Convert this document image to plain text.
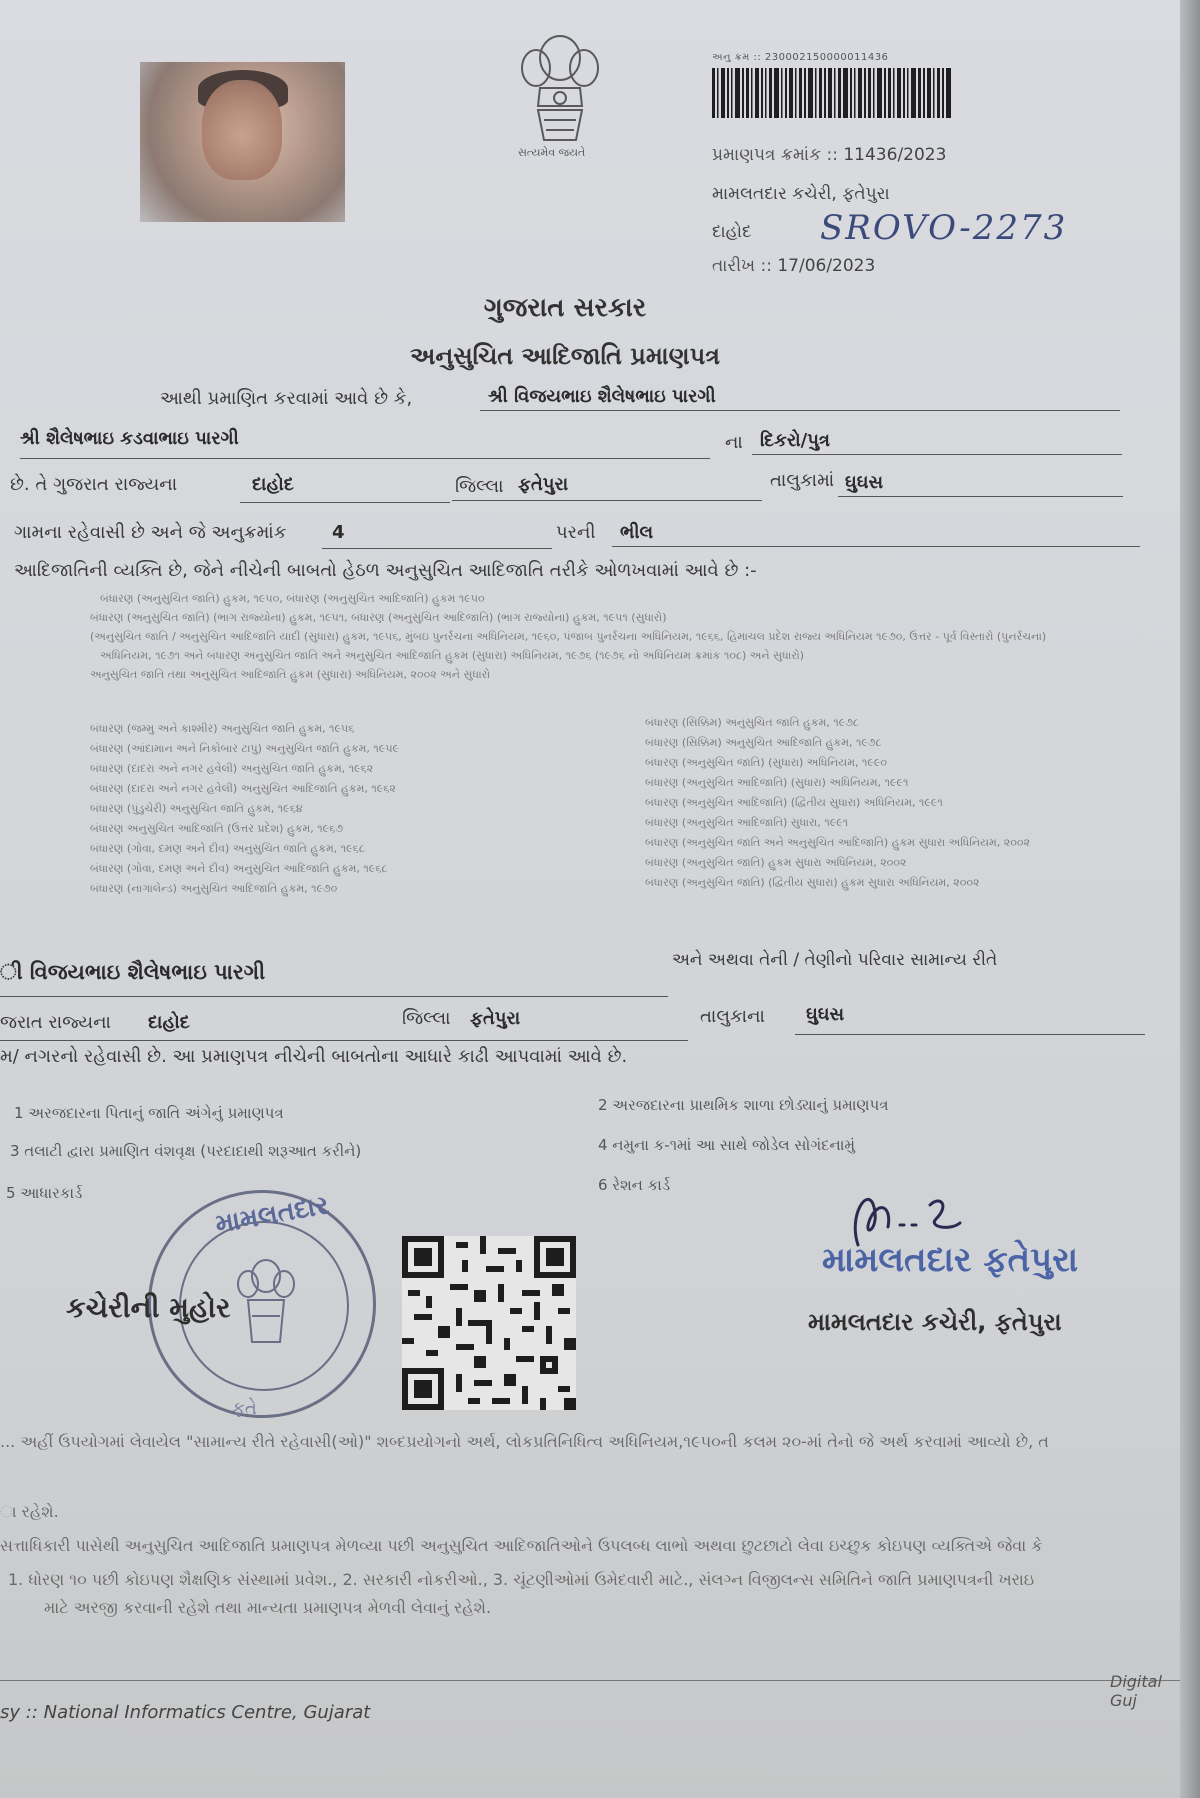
સત્યમેવ જયતે
અનુ ક્રમ :: 230002150000011436
પ્રમાણપત્ર ક્રમાંક :: 11436/2023
મામલતદાર કચેરી, ફતેપુરા
દાહોદ SROVO-2273
તારીખ :: 17/06/2023
ગુજરાત સરકાર
અનુસુચિત આદિજાતિ પ્રમાણપત્ર
આથી પ્રમાણિત કરવામાં આવે છે કે,	શ્રી વિજયભાઇ શૈલેષભાઇ પારગી
શ્રી શૈલેષભાઇ કડવાભાઇ પારગી	ના દિકરો/પુત્ર
છે. તે ગુજરાત રાજ્યના	દાહોદ	જિલ્લા ફતેપુરા	તાલુકામાં ઘુઘસ
ગામના રહેવાસી છે અને જે અનુક્રમાંક	4	પરની ભીલ
આદિજાતિની વ્યક્તિ છે, જેને નીચેની બાબતો હેઠળ અનુસુચિત આદિજાતિ તરીકે ઓળખવામાં આવે છે :-
બંધારણ (અનુસુચિત જાતિ) હુકમ, ૧૯૫૦, બંધારણ (અનુસુચિત આદિજાતિ) હુકમ ૧૯૫૦
બંધારણ (અનુસુચિત જાતિ) (ભાગ રાજ્યોના) હુકમ, ૧૯૫૧, બંધારણ (અનુસુચિત આદિજાતિ) (ભાગ રાજ્યોના) હુકમ, ૧૯૫૧ (સુધારો)
(અનુસુચિત જાતિ / અનુસુચિત આદિજાતિ યાદી (સુધારા) હુકમ, ૧૯૫૬, મુંબઇ પુનર્રચના અધિનિયમ, ૧૯૬૦, પંજાબ પુનર્રચના અધિનિયમ, ૧૯૬૬, હિમાચલ પ્રદેશ રાજ્ય અધિનિયમ ૧૯૭૦, ઉત્તર - પૂર્વ વિસ્તારો (પુનર્રચના)
અધિનિયમ, ૧૯૭૧ અને બંધારણ અનુસુચિત જાતિ અને અનુસુચિત આદિજાતિ હુકમ (સુધારા) અધિનિયમ, ૧૯૭૬ (૧૯૭૬ નો અધિનિયમ ક્રમાંક ૧૦૮) અને સુધારો)
અનુસુચિત જાતિ તથા અનુસુચિત આદિજાતિ હુકમ (સુધારા) અધિનિયમ, ૨૦૦૨ અને સુધારો
બંધારણ (જમ્મુ અને કાશ્મીર) અનુસુચિત જાતિ હુકમ, ૧૯૫૬
બંધારણ (આંદામાન અને નિકોબાર ટાપુ) અનુસુચિત જાતિ હુકમ, ૧૯૫૯
બંધારણ (દાદરા અને નગર હવેલી) અનુસુચિત જાતિ હુકમ, ૧૯૬૨
બંધારણ (દાદરા અને નગર હવેલી) અનુસુચિત આદિજાતિ હુકમ, ૧૯૬૨
બંધારણ (પુંડુચેરી) અનુસુચિત જાતિ હુકમ, ૧૯૬૪
બંધારણ અનુસુચિત આદિજાતિ (ઉત્તર પ્રદેશ) હુકમ, ૧૯૬૭
બંધારણ (ગોવા, દમણ અને દીવ) અનુસુચિત જાતિ હુકમ, ૧૯૬૮
બંધારણ (ગોવા, દમણ અને દીવ) અનુસુચિત આદિજાતિ હુકમ, ૧૯૬૮
બંધારણ (નાગાલેન્ડ) અનુસુચિત આદિજાતિ હુકમ, ૧૯૭૦
બંધારણ (સિક્કિમ) અનુસુચિત જાતિ હુકમ, ૧૯૭૮
બંધારણ (સિક્કિમ) અનુસુચિત આદિજાતિ હુકમ, ૧૯૭૮
બંધારણ (અનુસુચિત જાતિ) (સુધારા) અધિનિયમ, ૧૯૯૦
બંધારણ (અનુસુચિત આદિજાતિ) (સુધારા) અધિનિયમ, ૧૯૯૧
બંધારણ (અનુસુચિત આદિજાતિ) (દ્વિતીય સુધારા) અધિનિયમ, ૧૯૯૧
બંધારણ (અનુસુચિત આદિજાતિ) સુધારા, ૧૯૯૧
બંધારણ (અનુસુચિત જાતિ અને અનુસુચિત આદિજાતિ) હુકમ સુધારા અધિનિયમ, ૨૦૦૨
બંધારણ (અનુસુચિત જાતિ) હુકમ સુધારા અધિનિયમ, ૨૦૦૨
બંધારણ (અનુસુચિત જાતિ) (દ્વિતીય સુધારા) હુકમ સુધારા અધિનિયમ, ૨૦૦૨
ી વિજયભાઇ શૈલેષભાઇ પારગી	અને અથવા તેની / તેણીનો પરિવાર સામાન્ય રીતે
જરાત રાજ્યના દાહોદ	જિલ્લા ફતેપુરા	તાલુકાના ઘુઘસ
મ/ નગરનો રહેવાસી છે. આ પ્રમાણપત્ર નીચેની બાબતોના આધારે કાઢી આપવામાં આવે છે.
1 અરજદારના પિતાનું જાતિ અંગેનું પ્રમાણપત્ર	2 અરજદારના પ્રાથમિક શાળા છોડ્યાનું પ્રમાણપત્ર
3 તલાટી દ્વારા પ્રમાણિત વંશવૃક્ષ (પરદાદાથી શરૂઆત કરીને)	4 નમુના ક-૧માં આ સાથે જોડેલ સોગંદનામું
5 આધારકાર્ડ	6 રેશન કાર્ડ
મામલતદાર
ફતે
કચેરીની મુહોર
મામલતદાર ફતેપુરા
મામલતદાર કચેરી, ફતેપુરા
... અહીં ઉપયોગમાં લેવાયેલ "સામાન્ય રીતે રહેવાસી(ઓ)" શબ્દપ્રયોગનો અર્થ, લોકપ્રતિનિધિત્વ અધિનિયમ,૧૯૫૦ની કલમ ૨૦-માં તેનો જે અર્થ કરવામાં આવ્યો છે, ત
ા રહેશે.
સત્તાધિકારી પાસેથી અનુસુચિત આદિજાતિ પ્રમાણપત્ર મેળવ્યા પછી અનુસુચિત આદિજાતિઓને ઉપલબ્ધ લાભો અથવા છુટછાટો લેવા ઇચ્છુક કોઇપણ વ્યક્તિએ જેવા કે
1. ધોરણ ૧૦ પછી કોઇપણ શૈક્ષણિક સંસ્થામાં પ્રવેશ., 2. સરકારી નોકરીઓ., 3. ચૂંટણીઓમાં ઉમેદવારી માટે., સંલગ્ન વિજીલન્સ સમિતિને જાતિ પ્રમાણપત્રની ખરાઇ
માટે અરજી કરવાની રહેશે તથા માન્યતા પ્રમાણપત્ર મેળવી લેવાનું રહેશે.
sy :: National Informatics Centre, Gujarat
Digital Guj
